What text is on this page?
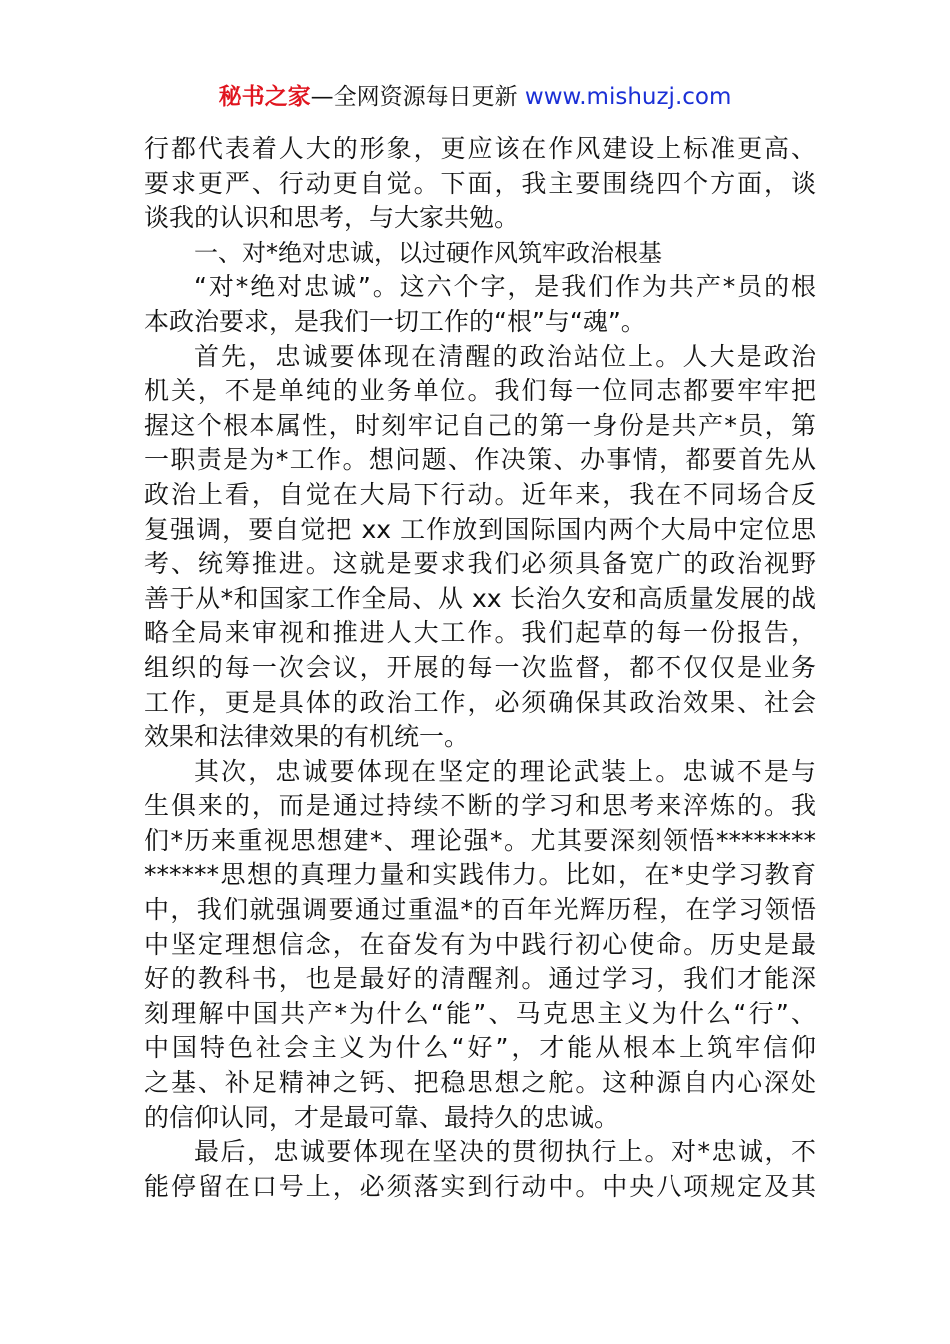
秘书之家—全网资源每日更新 www.mishuzj.com
行都代表着人大的形象，更应该在作风建设上标准更高、
要求更严、行动更自觉。下面，我主要围绕四个方面，谈
谈我的认识和思考，与大家共勉。
一、对*绝对忠诚，以过硬作风筑牢政治根基
“对*绝对忠诚”。这六个字，是我们作为共产*员的根
本政治要求，是我们一切工作的“根”与“魂”。
首先，忠诚要体现在清醒的政治站位上。人大是政治
机关，不是单纯的业务单位。我们每一位同志都要牢牢把
握这个根本属性，时刻牢记自己的第一身份是共产*员，第
一职责是为*工作。想问题、作决策、办事情，都要首先从
政治上看，自觉在大局下行动。近年来，我在不同场合反
复强调，要自觉把 xx 工作放到国际国内两个大局中定位思
考、统筹推进。这就是要求我们必须具备宽广的政治视野
善于从*和国家工作全局、从 xx 长治久安和高质量发展的战
略全局来审视和推进人大工作。我们起草的每一份报告，
组织的每一次会议，开展的每一次监督，都不仅仅是业务
工作，更是具体的政治工作，必须确保其政治效果、社会
效果和法律效果的有机统一。
其次，忠诚要体现在坚定的理论武装上。忠诚不是与
生俱来的，而是通过持续不断的学习和思考来淬炼的。我
们*历来重视思想建*、理论强*。尤其要深刻领悟********
******思想的真理力量和实践伟力。比如，在*史学习教育
中，我们就强调要通过重温*的百年光辉历程，在学习领悟
中坚定理想信念，在奋发有为中践行初心使命。历史是最
好的教科书，也是最好的清醒剂。通过学习，我们才能深
刻理解中国共产*为什么“能”、马克思主义为什么“行”、
中国特色社会主义为什么“好”，才能从根本上筑牢信仰
之基、补足精神之钙、把稳思想之舵。这种源自内心深处
的信仰认同，才是最可靠、最持久的忠诚。
最后，忠诚要体现在坚决的贯彻执行上。对*忠诚，不
能停留在口号上，必须落实到行动中。中央八项规定及其
